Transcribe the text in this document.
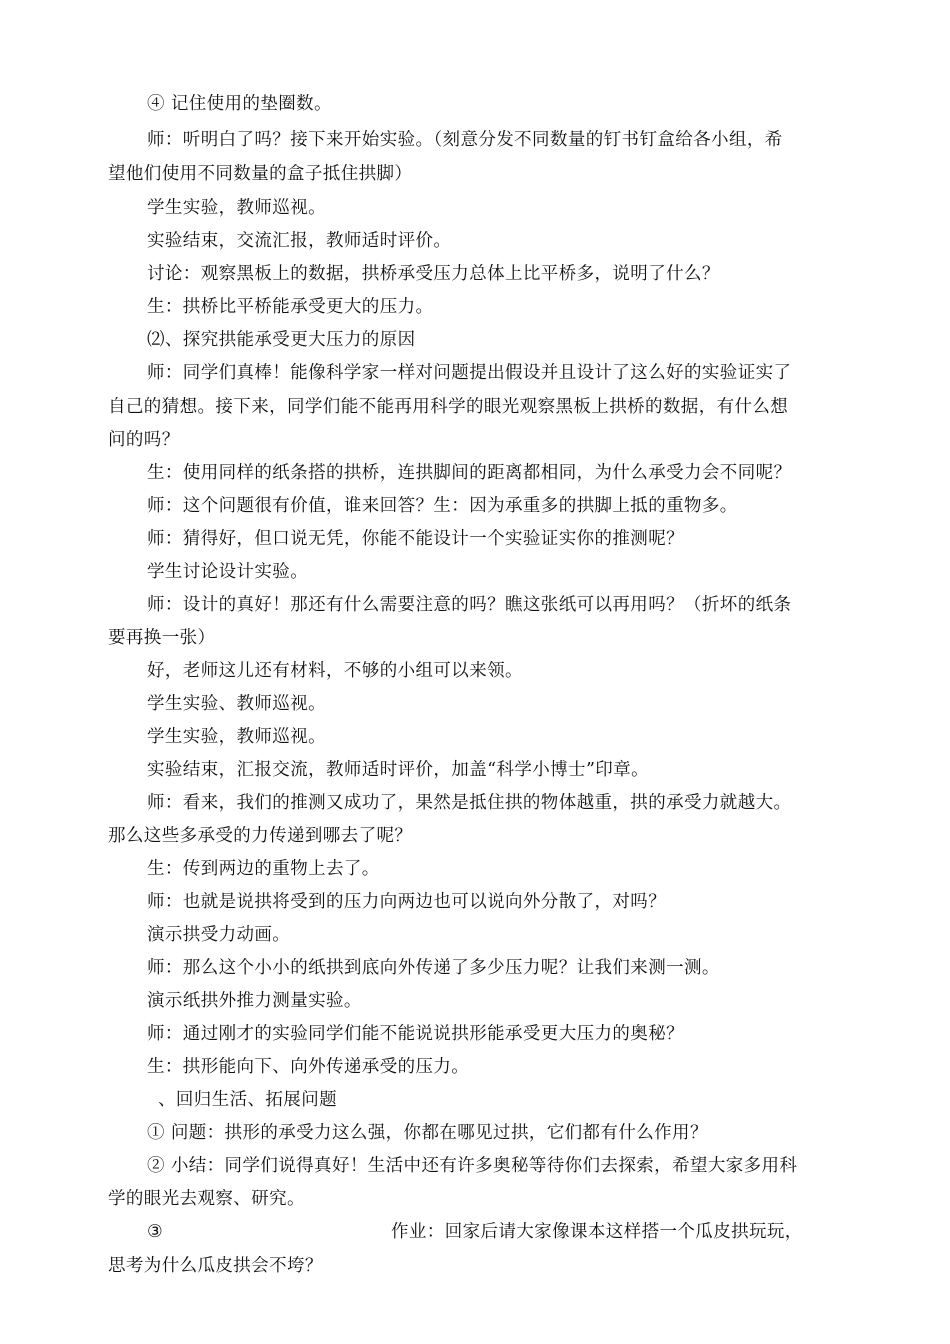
④ 记住使用的垫圈数。
师：听明白了吗？接下来开始实验。（刻意分发不同数量的钉书钉盒给各小组，希
望他们使用不同数量的盒子抵住拱脚）
学生实验，教师巡视。
实验结束，交流汇报，教师适时评价。
讨论：观察黑板上的数据，拱桥承受压力总体上比平桥多，说明了什么？
生：拱桥比平桥能承受更大的压力。
⑵、探究拱能承受更大压力的原因
师：同学们真棒！能像科学家一样对问题提出假设并且设计了这么好的实验证实了
自己的猜想。接下来，同学们能不能再用科学的眼光观察黑板上拱桥的数据，有什么想
问的吗？
生：使用同样的纸条搭的拱桥，连拱脚间的距离都相同，为什么承受力会不同呢？
师：这个问题很有价值，谁来回答？生：因为承重多的拱脚上抵的重物多。
师：猜得好，但口说无凭，你能不能设计一个实验证实你的推测呢？
学生讨论设计实验。
师：设计的真好！那还有什么需要注意的吗？瞧这张纸可以再用吗？（折坏的纸条
要再换一张）
好，老师这儿还有材料，不够的小组可以来领。
学生实验、教师巡视。
学生实验，教师巡视。
实验结束，汇报交流，教师适时评价，加盖“科学小博士”印章。
师：看来，我们的推测又成功了，果然是抵住拱的物体越重，拱的承受力就越大。
那么这些多承受的力传递到哪去了呢？
生：传到两边的重物上去了。
师：也就是说拱将受到的压力向两边也可以说向外分散了，对吗？
演示拱受力动画。
师：那么这个小小的纸拱到底向外传递了多少压力呢？让我们来测一测。
演示纸拱外推力测量实验。
师：通过刚才的实验同学们能不能说说拱形能承受更大压力的奥秘？
生：拱形能向下、向外传递承受的压力。
、回归生活、拓展问题
① 问题：拱形的承受力这么强，你都在哪见过拱，它们都有什么作用？
② 小结：同学们说得真好！生活中还有许多奥秘等待你们去探索，希望大家多用科
学的眼光去观察、研究。
③	作业：回家后请大家像课本这样搭一个瓜皮拱玩玩，
思考为什么瓜皮拱会不垮？
